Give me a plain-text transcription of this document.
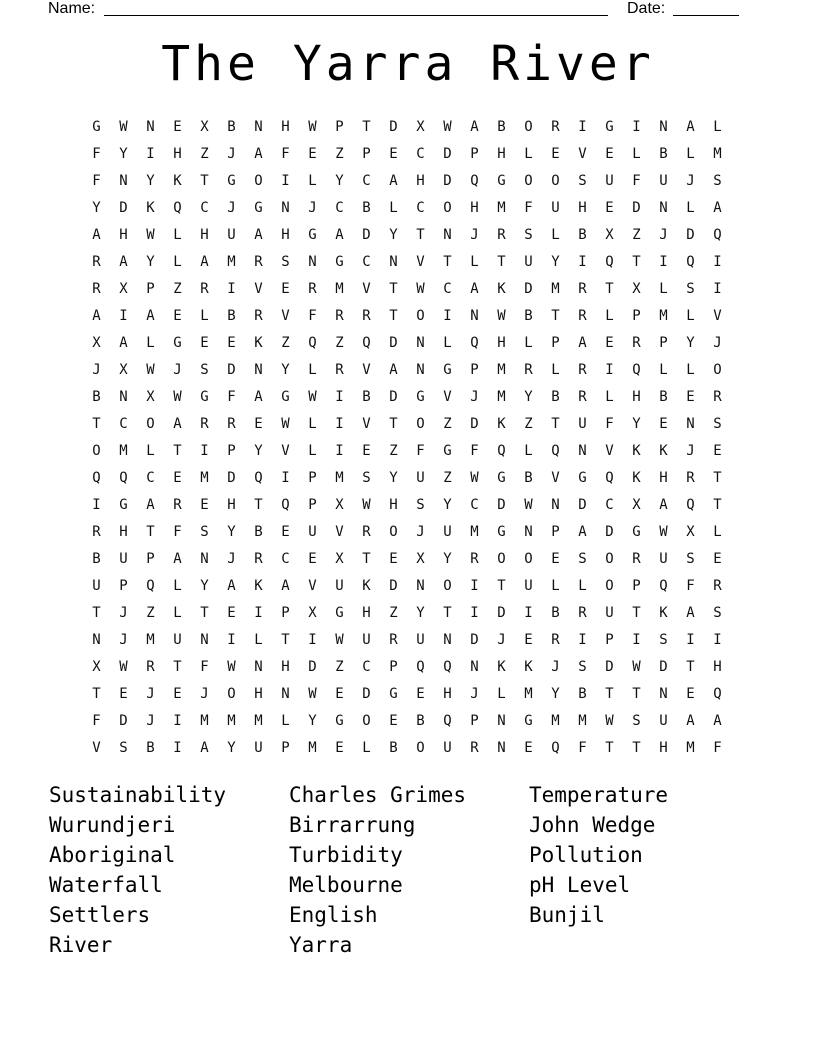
Name:	Date:
The Yarra River
G	W	N	E	X	B	N	H	W	P	T	D	X	W	A	B	O	R	I	G	I	N	A	L
F	Y	I	H	Z	J	A	F	E	Z	P	E	C	D	P	H	L	E	V	E	L	B	L	M
F	N	Y	K	T	G	O	I	L	Y	C	A	H	D	Q	G	O	O	S	U	F	U	J	S
Y	D	K	Q	C	J	G	N	J	C	B	L	C	O	H	M	F	U	H	E	D	N	L	A
A	H	W	L	H	U	A	H	G	A	D	Y	T	N	J	R	S	L	B	X	Z	J	D	Q
R	A	Y	L	A	M	R	S	N	G	C	N	V	T	L	T	U	Y	I	Q	T	I	Q	I
R	X	P	Z	R	I	V	E	R	M	V	T	W	C	A	K	D	M	R	T	X	L	S	I
A	I	A	E	L	B	R	V	F	R	R	T	O	I	N	W	B	T	R	L	P	M	L	V
X	A	L	G	E	E	K	Z	Q	Z	Q	D	N	L	Q	H	L	P	A	E	R	P	Y	J
J	X	W	J	S	D	N	Y	L	R	V	A	N	G	P	M	R	L	R	I	Q	L	L	O
B	N	X	W	G	F	A	G	W	I	B	D	G	V	J	M	Y	B	R	L	H	B	E	R
T	C	O	A	R	R	E	W	L	I	V	T	O	Z	D	K	Z	T	U	F	Y	E	N	S
O	M	L	T	I	P	Y	V	L	I	E	Z	F	G	F	Q	L	Q	N	V	K	K	J	E
Q	Q	C	E	M	D	Q	I	P	M	S	Y	U	Z	W	G	B	V	G	Q	K	H	R	T
I	G	A	R	E	H	T	Q	P	X	W	H	S	Y	C	D	W	N	D	C	X	A	Q	T
R	H	T	F	S	Y	B	E	U	V	R	O	J	U	M	G	N	P	A	D	G	W	X	L
B	U	P	A	N	J	R	C	E	X	T	E	X	Y	R	O	O	E	S	O	R	U	S	E
U	P	Q	L	Y	A	K	A	V	U	K	D	N	O	I	T	U	L	L	O	P	Q	F	R
T	J	Z	L	T	E	I	P	X	G	H	Z	Y	T	I	D	I	B	R	U	T	K	A	S
N	J	M	U	N	I	L	T	I	W	U	R	U	N	D	J	E	R	I	P	I	S	I	I
X	W	R	T	F	W	N	H	D	Z	C	P	Q	Q	N	K	K	J	S	D	W	D	T	H
T	E	J	E	J	O	H	N	W	E	D	G	E	H	J	L	M	Y	B	T	T	N	E	Q
F	D	J	I	M	M	M	L	Y	G	O	E	B	Q	P	N	G	M	M	W	S	U	A	A
V	S	B	I	A	Y	U	P	M	E	L	B	O	U	R	N	E	Q	F	T	T	H	M	F
Sustainability
Wurundjeri
Aboriginal
Waterfall
Settlers
River
Charles Grimes
Birrarrung
Turbidity
Melbourne
English
Yarra
Temperature
John Wedge
Pollution
pH Level
Bunjil
